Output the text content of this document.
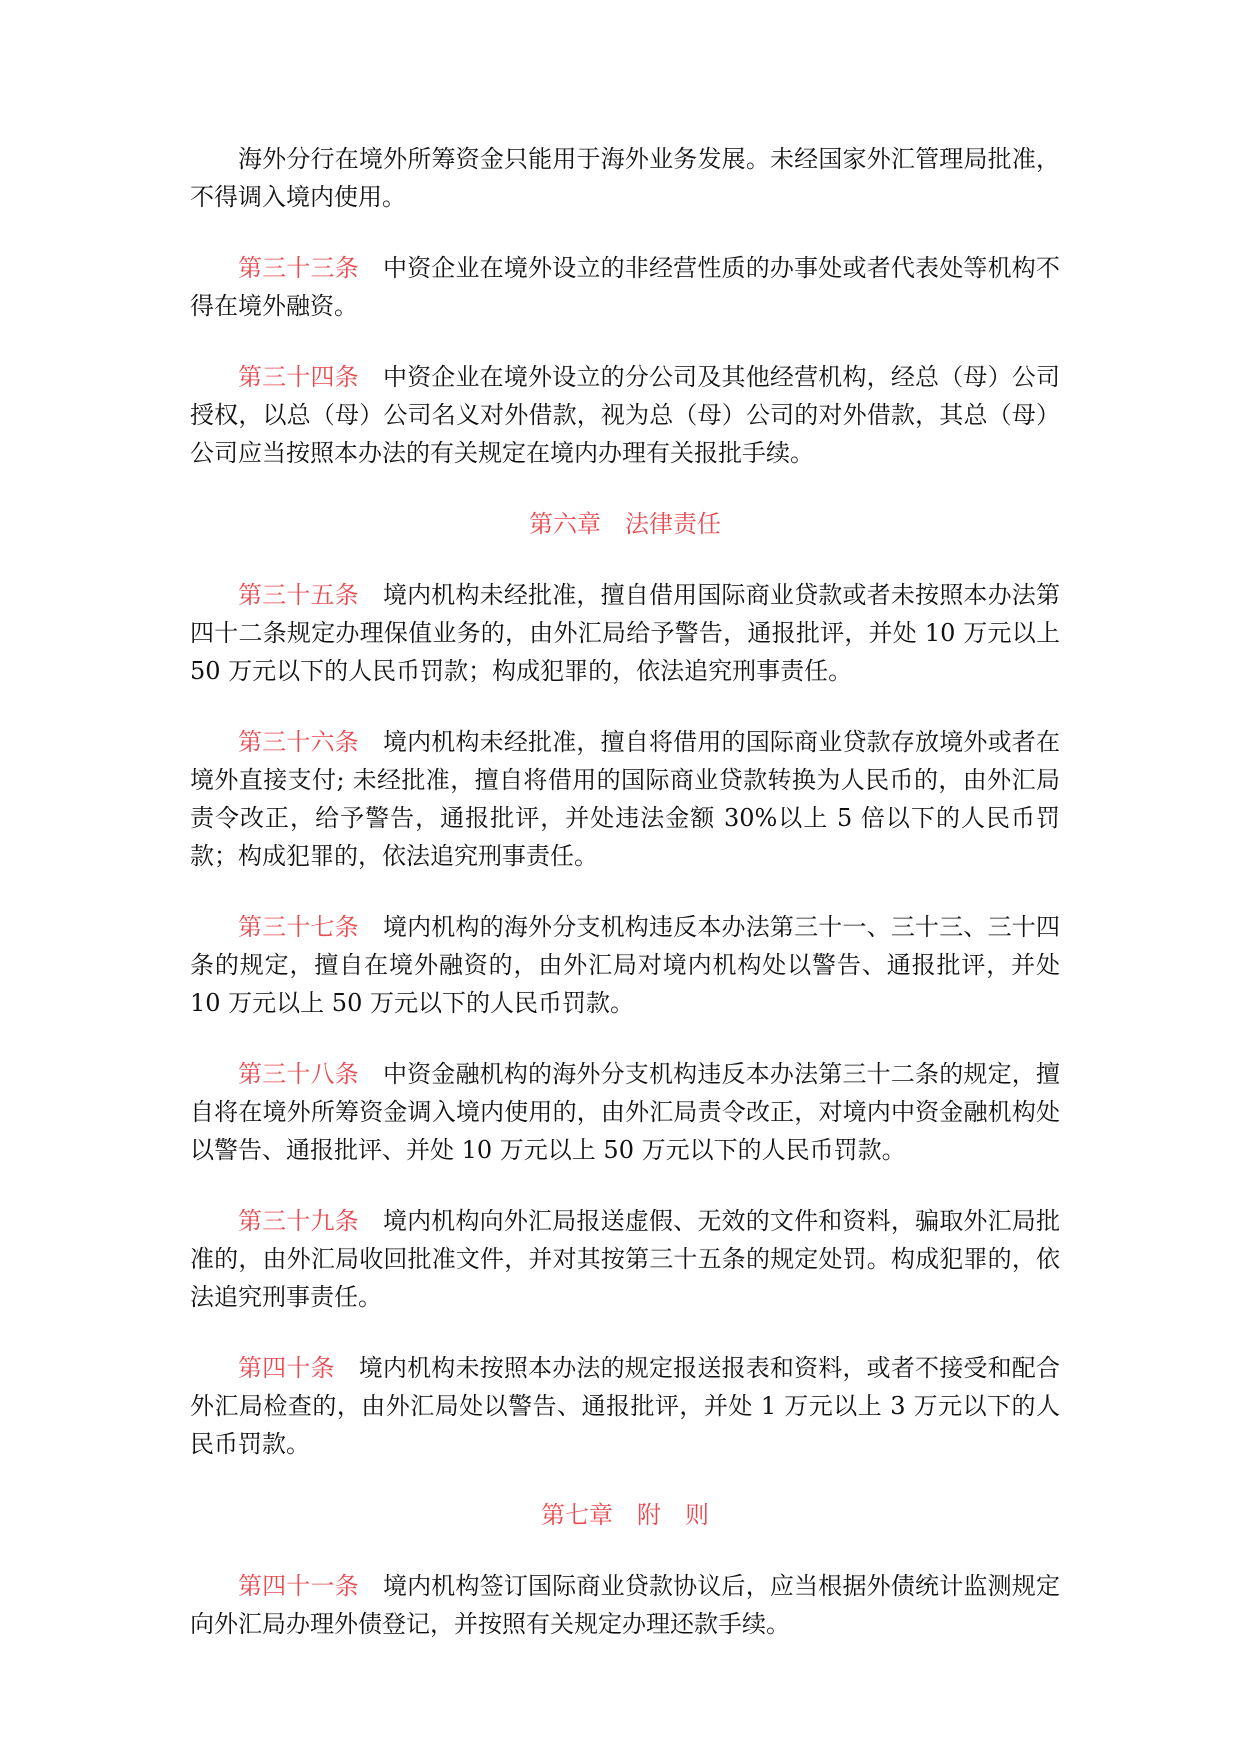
海外分行在境外所筹资金只能用于海外业务发展。未经国家外汇管理局批准，不得调入境内使用。

第三十三条 中资企业在境外设立的非经营性质的办事处或者代表处等机构不得在境外融资。

第三十四条 中资企业在境外设立的分公司及其他经营机构，经总（母）公司授权，以总（母）公司名义对外借款，视为总（母）公司的对外借款，其总（母）公司应当按照本办法的有关规定在境内办理有关报批手续。

第六章 法律责任

第三十五条 境内机构未经批准，擅自借用国际商业贷款或者未按照本办法第四十二条规定办理保值业务的，由外汇局给予警告，通报批评，并处 10 万元以上 50 万元以下的人民币罚款；构成犯罪的，依法追究刑事责任。

第三十六条 境内机构未经批准，擅自将借用的国际商业贷款存放境外或者在境外直接支付; 未经批准，擅自将借用的国际商业贷款转换为人民币的，由外汇局责令改正，给予警告，通报批评，并处违法金额 30%以上 5 倍以下的人民币罚款；构成犯罪的，依法追究刑事责任。

第三十七条 境内机构的海外分支机构违反本办法第三十一、三十三、三十四条的规定，擅自在境外融资的，由外汇局对境内机构处以警告、通报批评，并处 10 万元以上 50 万元以下的人民币罚款。

第三十八条 中资金融机构的海外分支机构违反本办法第三十二条的规定，擅自将在境外所筹资金调入境内使用的，由外汇局责令改正，对境内中资金融机构处以警告、通报批评、并处 10 万元以上 50 万元以下的人民币罚款。

第三十九条 境内机构向外汇局报送虚假、无效的文件和资料，骗取外汇局批准的，由外汇局收回批准文件，并对其按第三十五条的规定处罚。构成犯罪的，依法追究刑事责任。

第四十条 境内机构未按照本办法的规定报送报表和资料，或者不接受和配合外汇局检查的，由外汇局处以警告、通报批评，并处 1 万元以上 3 万元以下的人民币罚款。

第七章 附　则

第四十一条 境内机构签订国际商业贷款协议后，应当根据外债统计监测规定向外汇局办理外债登记，并按照有关规定办理还款手续。
